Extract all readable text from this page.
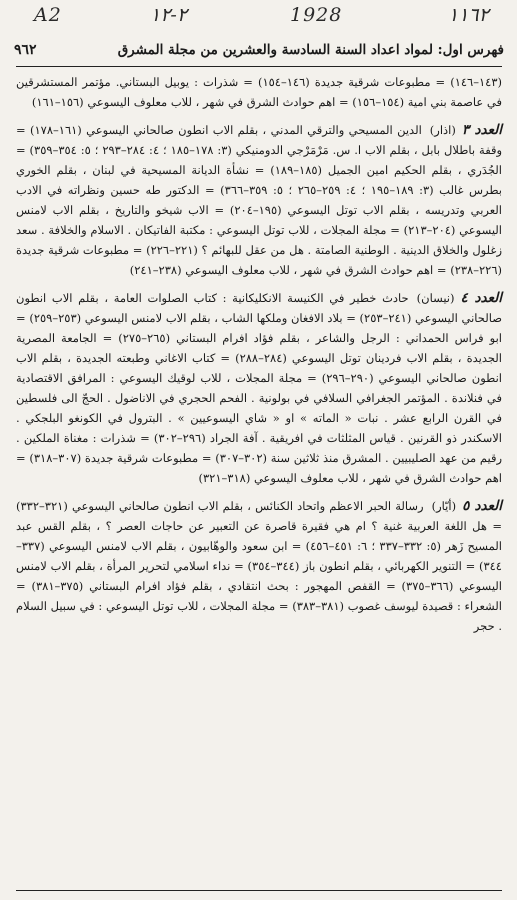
١١٦٢
1928
٢-١٢
A2
فهرس اول: لمواد اعداد السنة السادسة والعشرين من مجلة المشرق
٩٦٢

(١٤٣–١٤٦) = مطبوعات شرقية جديدة (١٤٦–١٥٤) = شذرات : يوبيل البستاني. مؤتمر المستشرقين في عاصمة بني امية (١٥٤–١٥٦) = اهم حوادث الشرق في شهر ، للاب معلوف اليسوعي (١٥٦–١٦١)

العدد ٣(اذار)الدين المسيحي والترقي المدني ، بقلم الاب انطون صالحاني اليسوعي (١٦١–١٧٨) = وقفة باطلال بابل ، بقلم الاب ا. س. مَرْمَرْجي الدومنيكي (٣: ١٧٨–١٨٥ ؛ ٤: ٢٨٤–٢٩٣ ؛ ٥: ٣٥٤–٣٥٩) = الجُدَري ، بقلم الحكيم امين الجميل (١٨٥–١٨٩) = نشأة الديانة المسيحية في لبنان ، بقلم الخوري بطرس غالب (٣: ١٨٩–١٩٥ ؛ ٤: ٢٥٩–٢٦٥ ؛ ٥: ٣٥٩–٣٦٦) = الدكتور طه حسين ونظراته في الادب العربي وتدريسه ، بقلم الاب توتل اليسوعي (١٩٥–٢٠٤) = الاب شيخو والتاريخ ، بقلم الاب لامنس اليسوعي (٢٠٤–٢١٣) = مجلة المجلات ، للاب توتل اليسوعي : مكتبة الفاتيكان . الاسلام والخلافة . سعد زغلول والخلاق الدينية . الوطنية الصامتة . هل من عقل للبهائم ؟ (٢٢١–٢٢٦) = مطبوعات شرقية جديدة (٢٢٦–٢٣٨) = اهم حوادث الشرق في شهر ، للاب معلوف اليسوعي (٢٣٨–٢٤١)

العدد ٤(نيسان)حادث خطير في الكنيسة الانكليكانية : كتاب الصلوات العامة ، بقلم الاب انطون صالحاني اليسوعي (٢٤١–٢٥٣) = بلاد الافغان وملكها الشاب ، بقلم الاب لامنس اليسوعي (٢٥٣–٢٥٩) = ابو فراس الحمداني : الرجل والشاعر ، بقلم فؤاد افرام البستاني (٢٦٥–٢٧٥) = الجامعة المصرية الجديدة ، بقلم الاب فردينان توتل اليسوعي (٢٨٤–٢٨٨) = كتاب الاغاني وطبعته الجديدة ، بقلم الاب انطون صالحاني اليسوعي (٢٩٠–٢٩٦) = مجلة المجلات ، للاب لوقيك اليسوعي : المرافق الاقتصادية في فنلاندة . المؤتمر الجغرافي السلافي في بولونية . الفحم الحجري في الاناضول . الحجّ الى فلسطين في القرن الرابع عشر . نبات « الماته » او « شاي اليسوعيين » . البترول في الكونغو البلجكي . الاسكندر ذو القرنين . قياس المثلثات في افريقية . آفة الجراد (٢٩٦–٣٠٢) = شذرات : مغناة الملكين . رقيم من عهد الصليبيين . المشرق منذ ثلاثين سنة (٣٠٢–٣٠٧) = مطبوعات شرقية جديدة (٣٠٧–٣١٨) = اهم حوادث الشرق في شهر ، للاب معلوف اليسوعي (٣١٨–٣٢١)

العدد ٥(أيّار)رسالة الحبر الاعظم واتحاد الكنائس ، بقلم الاب انطون صالحاني اليسوعي (٣٢١–٣٣٢) = هل اللغة العربية غنية ؟ ام هي فقيرة قاصرة عن التعبير عن حاجات العصر ؟ ، بقلم القس عبد المسيح زَهر (٥: ٣٣٢–٣٣٧ ؛ ٦: ٤٥١–٤٥٦) = ابن سعود والوهّابيون ، بقلم الاب لامنس اليسوعي (٣٣٧–٣٤٤) = التنوير الكهربائي ، بقلم انطون باز (٣٤٤–٣٥٤) = نداء اسلامي لتحرير المرأة ، بقلم الاب لامنس اليسوعي (٣٦٦–٣٧٥) = القفص المهجور : بحث انتقادي ، بقلم فؤاد افرام البستاني (٣٧٥–٣٨١) = الشعراء : قصيدة ليوسف غصوب (٣٨١–٣٨٣) = مجلة المجلات ، للاب توتل اليسوعي : في سبيل السلام . حجر
